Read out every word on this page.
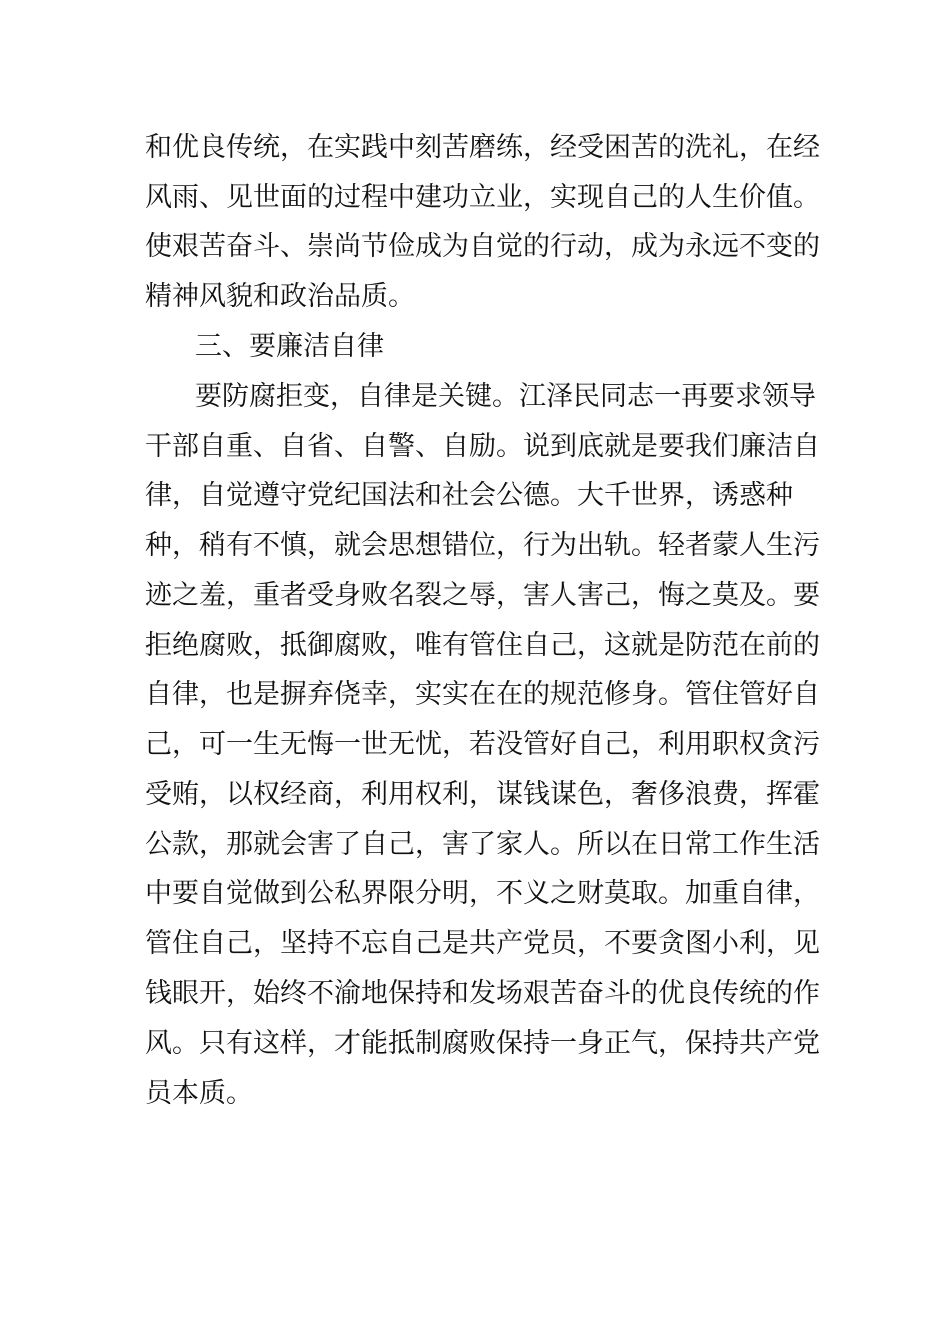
和优良传统，在实践中刻苦磨练，经受困苦的洗礼，在经

风雨、见世面的过程中建功立业，实现自己的人生价值。

使艰苦奋斗、崇尚节俭成为自觉的行动，成为永远不变的

精神风貌和政治品质。

三、要廉洁自律

要防腐拒变，自律是关键。江泽民同志一再要求领导

干部自重、自省、自警、自励。说到底就是要我们廉洁自

律，自觉遵守党纪国法和社会公德。大千世界，诱惑种

种，稍有不慎，就会思想错位，行为出轨。轻者蒙人生污

迹之羞，重者受身败名裂之辱，害人害己，悔之莫及。要

拒绝腐败，抵御腐败，唯有管住自己，这就是防范在前的

自律，也是摒弃侥幸，实实在在的规范修身。管住管好自

己，可一生无悔一世无忧，若没管好自己，利用职权贪污

受贿，以权经商，利用权利，谋钱谋色，奢侈浪费，挥霍

公款，那就会害了自己，害了家人。所以在日常工作生活

中要自觉做到公私界限分明，不义之财莫取。加重自律，

管住自己，坚持不忘自己是共产党员，不要贪图小利，见

钱眼开，始终不渝地保持和发场艰苦奋斗的优良传统的作

风。只有这样，才能抵制腐败保持一身正气，保持共产党

员本质。
